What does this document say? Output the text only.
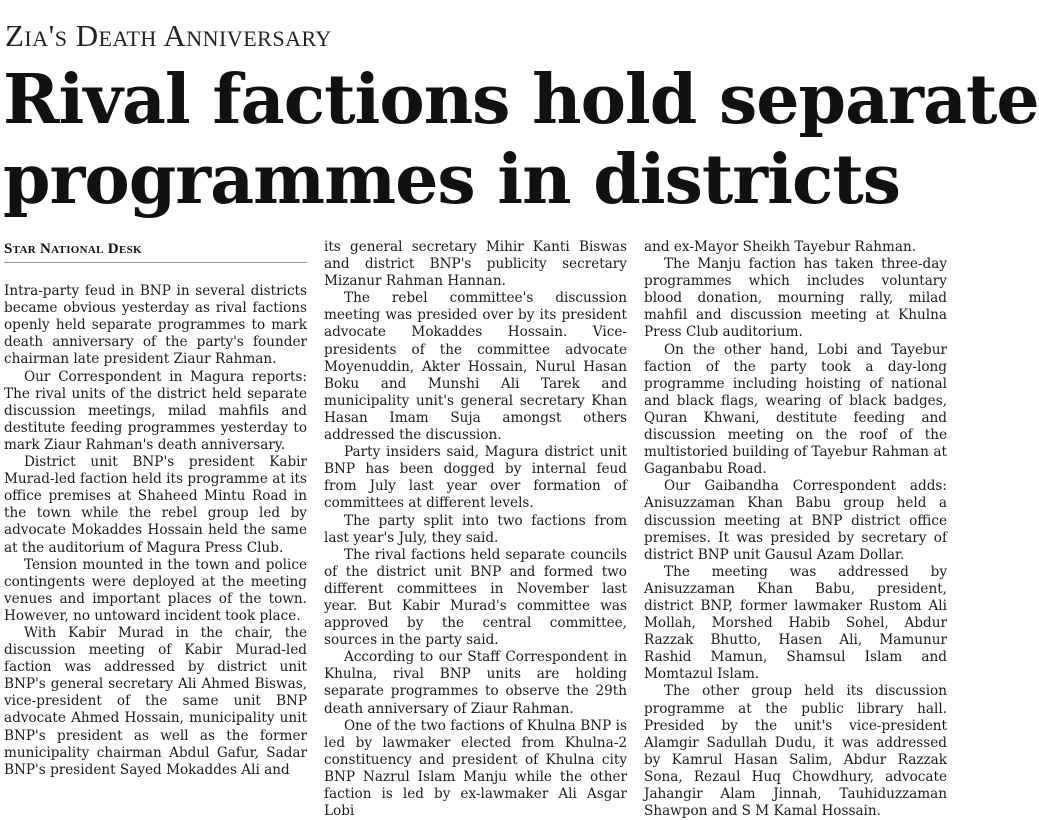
Zia's Death Anniversary
Rival factions hold separate
programmes in districts
Star National Desk

Intra-party feud in BNP in several districts became obvious yesterday as rival factions openly held separate programmes to mark death anniversary of the party's founder chairman late president Ziaur Rahman.

Our Correspondent in Magura reports: The rival units of the district held separate discussion meetings, milad mahfils and destitute feeding programmes yesterday to mark Ziaur Rahman's death anniversary.

District unit BNP's president Kabir Murad-led faction held its programme at its office premises at Shaheed Mintu Road in the town while the rebel group led by advocate Mokaddes Hossain held the same at the auditorium of Magura Press Club.

Tension mounted in the town and police contingents were deployed at the meeting venues and important places of the town. However, no untoward incident took place.

With Kabir Murad in the chair, the discussion meeting of Kabir Murad-led faction was addressed by district unit BNP's general secretary Ali Ahmed Biswas, vice-president of the same unit BNP advocate Ahmed Hossain, municipality unit BNP's president as well as the former municipality chairman Abdul Gafur, Sadar BNP's president Sayed Mokaddes Ali and

its general secretary Mihir Kanti Biswas and district BNP's publicity secretary Mizanur Rahman Hannan.

The rebel committee's discussion meeting was presided over by its president advocate Mokaddes Hossain. Vice-presidents of the committee advocate Moyenuddin, Akter Hossain, Nurul Hasan Boku and Munshi Ali Tarek and municipality unit's general secretary Khan Hasan Imam Suja amongst others addressed the discussion.

Party insiders said, Magura district unit BNP has been dogged by internal feud from July last year over formation of committees at different levels.

The party split into two factions from last year's July, they said.

The rival factions held separate councils of the district unit BNP and formed two different committees in November last year. But Kabir Murad's committee was approved by the central committee, sources in the party said.

According to our Staff Correspondent in Khulna, rival BNP units are holding separate programmes to observe the 29th death anniversary of Ziaur Rahman.

One of the two factions of Khulna BNP is led by lawmaker elected from Khulna-2 constituency and president of Khulna city BNP Nazrul Islam Manju while the other faction is led by ex-lawmaker Ali Asgar Lobi

and ex-Mayor Sheikh Tayebur Rahman.

The Manju faction has taken three-day programmes which includes voluntary blood donation, mourning rally, milad mahfil and discussion meeting at Khulna Press Club auditorium.

On the other hand, Lobi and Tayebur faction of the party took a day-long programme including hoisting of national and black flags, wearing of black badges, Quran Khwani, destitute feeding and discussion meeting on the roof of the multistoried building of Tayebur Rahman at Gaganbabu Road.

Our Gaibandha Correspondent adds: Anisuzzaman Khan Babu group held a discussion meeting at BNP district office premises. It was presided by secretary of district BNP unit Gausul Azam Dollar.

The meeting was addressed by Anisuzzaman Khan Babu, president, district BNP, former lawmaker Rustom Ali Mollah, Morshed Habib Sohel, Abdur Razzak Bhutto, Hasen Ali, Mamunur Rashid Mamun, Shamsul Islam and Momtazul Islam.

The other group held its discussion programme at the public library hall. Presided by the unit's vice-president Alamgir Sadullah Dudu, it was addressed by Kamrul Hasan Salim, Abdur Razzak Sona, Rezaul Huq Chowdhury, advocate Jahangir Alam Jinnah, Tauhiduzzaman Shawpon and S M Kamal Hossain.
